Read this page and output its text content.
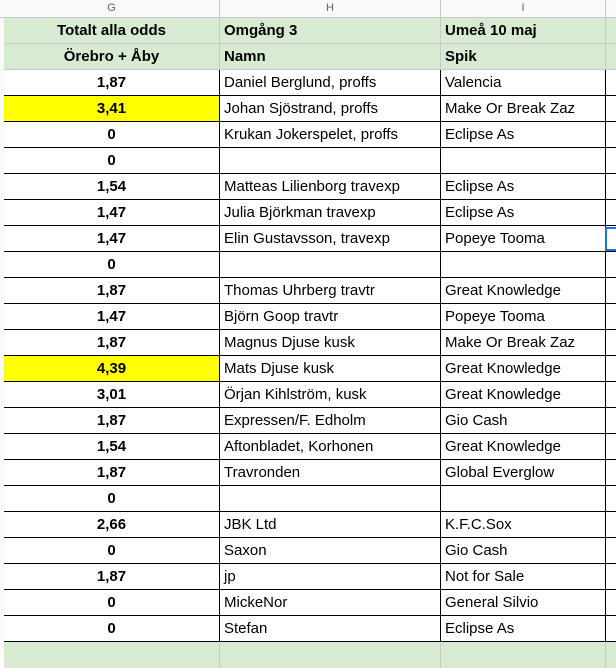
G	H	I
Totalt alla odds	Omgång 3	Umeå 10 maj
Örebro + Åby	Namn	Spik
1,87	Daniel Berglund, proffs	Valencia
3,41	Johan Sjöstrand, proffs	Make Or Break Zaz
0	Krukan Jokerspelet, proffs	Eclipse As
0
1,54	Matteas Lilienborg travexp	Eclipse As
1,47	Julia Björkman travexp	Eclipse As
1,47	Elin Gustavsson, travexp	Popeye Tooma
0
1,87	Thomas Uhrberg travtr	Great Knowledge
1,47	Björn Goop travtr	Popeye Tooma
1,87	Magnus Djuse kusk	Make Or Break Zaz
4,39	Mats Djuse kusk	Great Knowledge
3,01	Örjan Kihlström, kusk	Great Knowledge
1,87	Expressen/F. Edholm	Gio Cash
1,54	Aftonbladet, Korhonen	Great Knowledge
1,87	Travronden	Global Everglow
0
2,66	JBK Ltd	K.F.C.Sox
0	Saxon	Gio Cash
1,87	jp	Not for Sale
0	MickeNor	General Silvio
0	Stefan	Eclipse As
